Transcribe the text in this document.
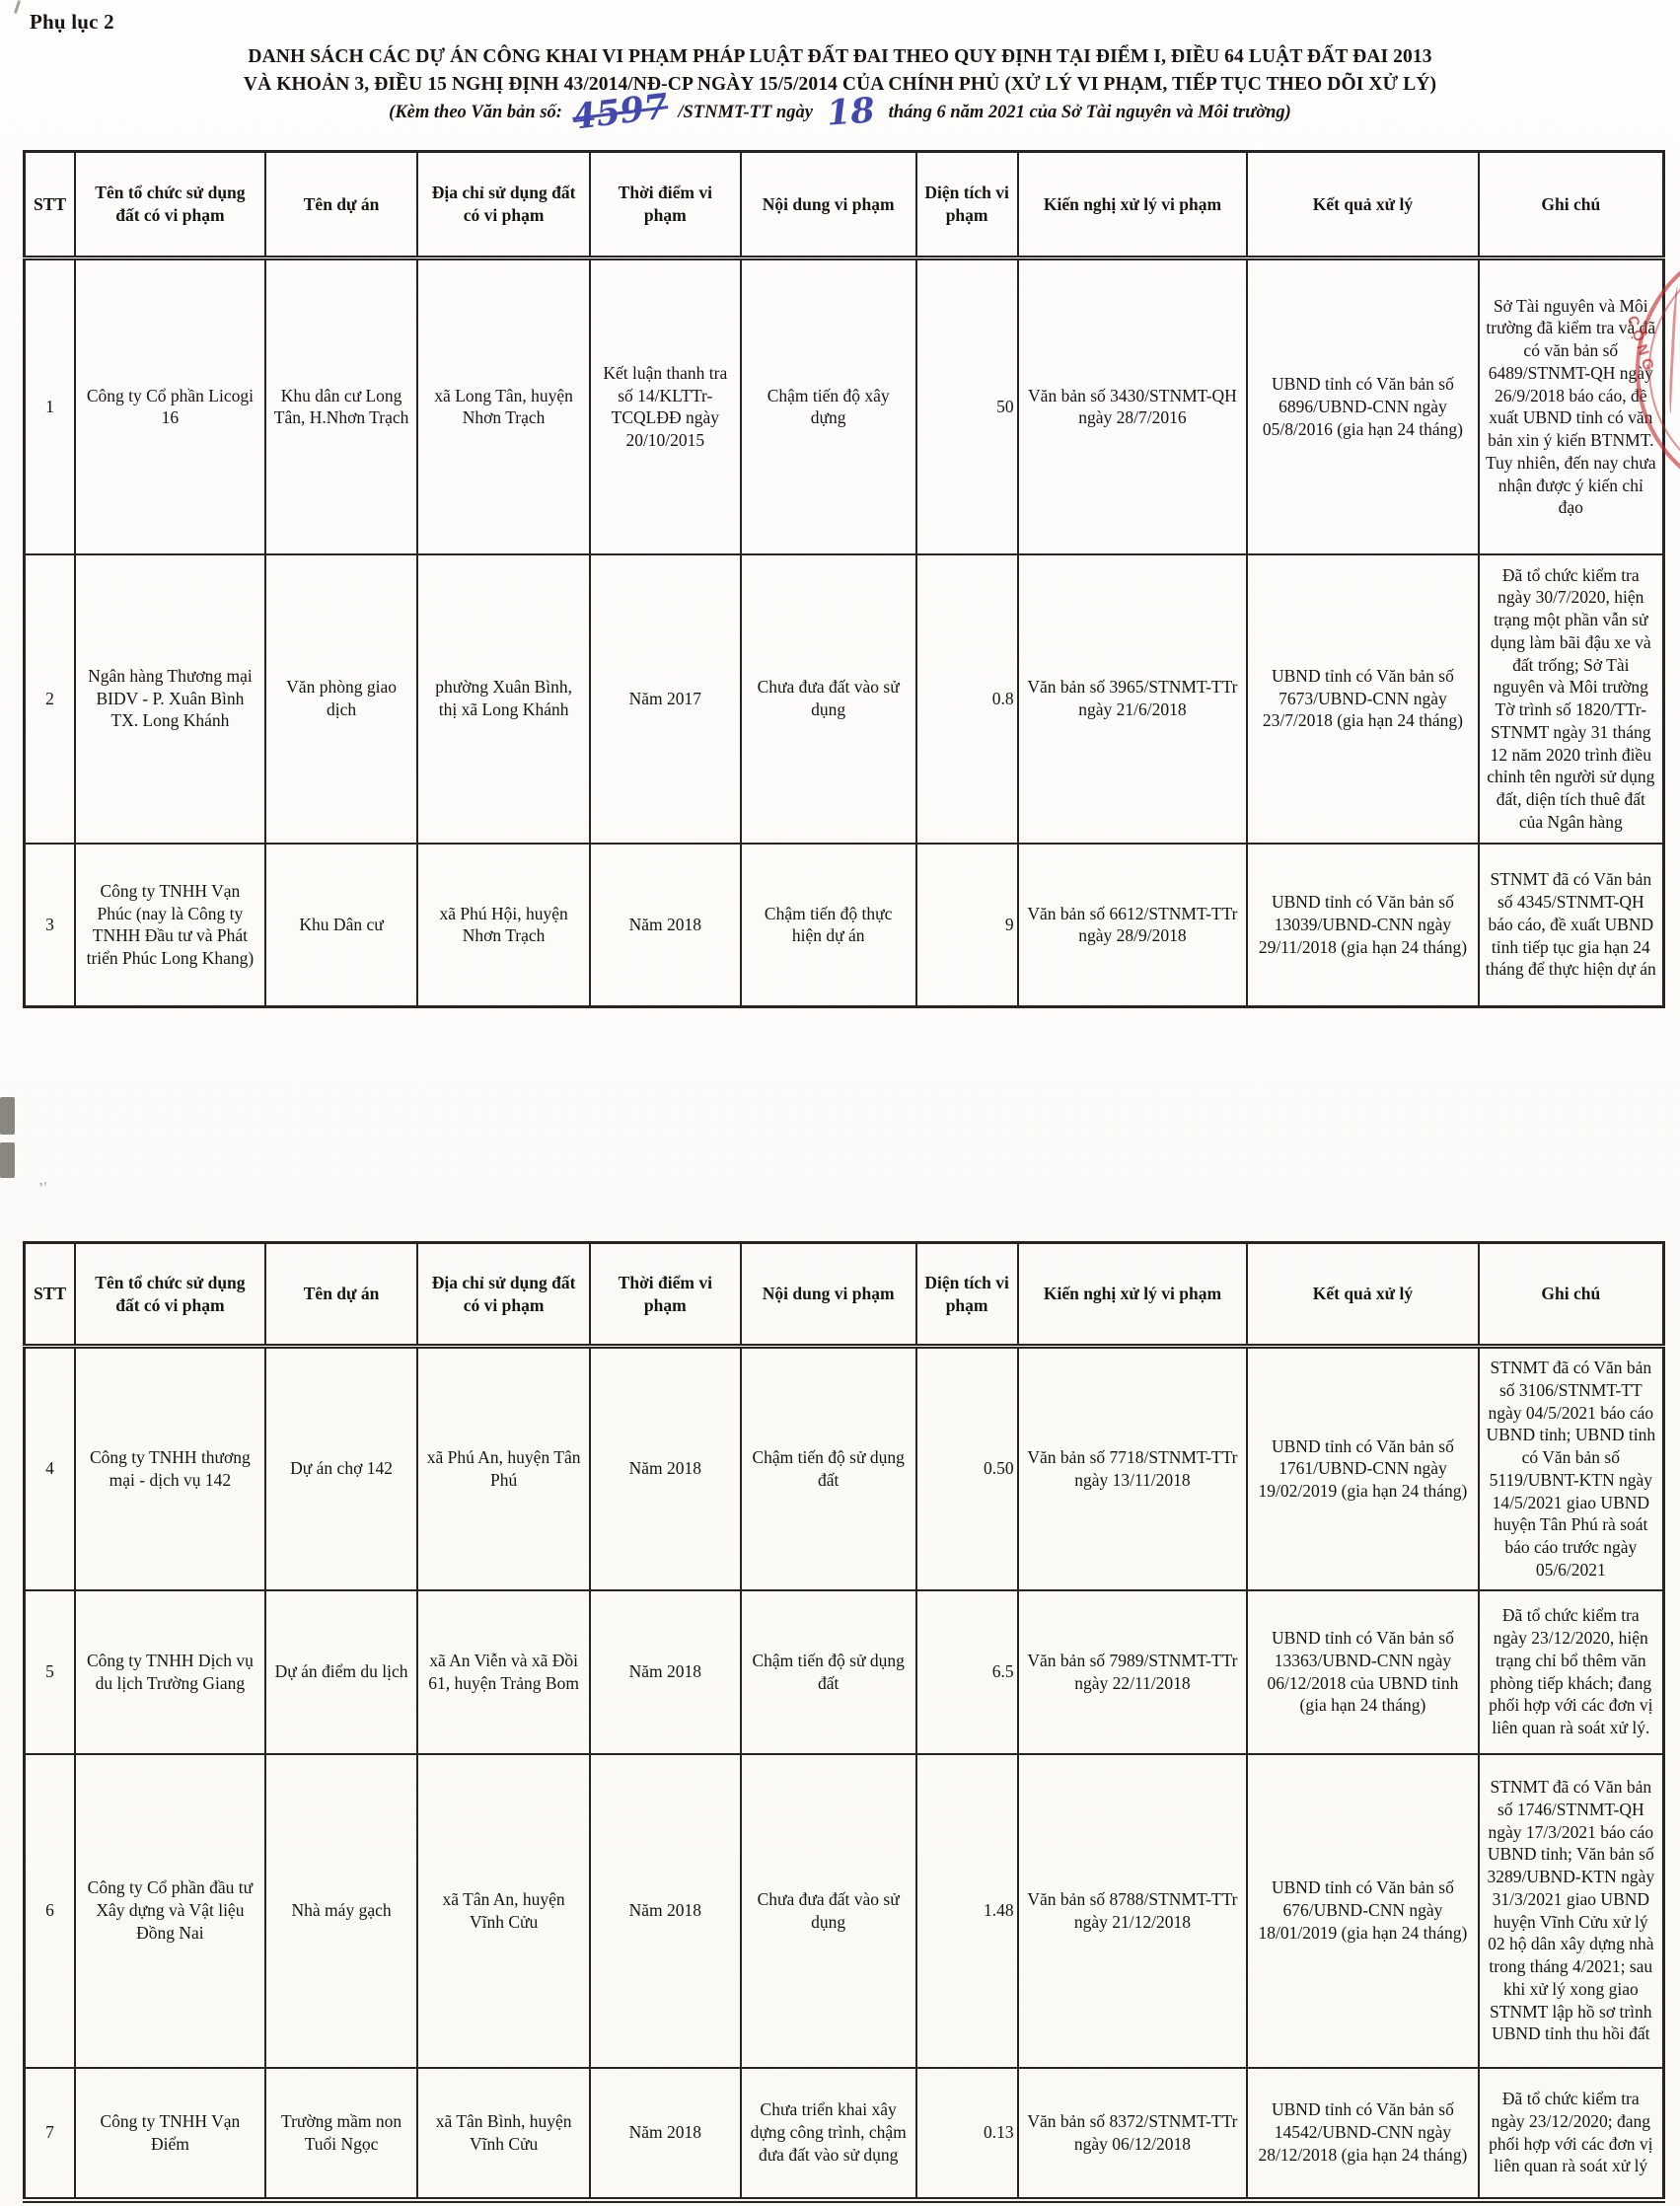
Phụ lục 2
DANH SÁCH CÁC DỰ ÁN CÔNG KHAI VI PHẠM PHÁP LUẬT ĐẤT ĐAI THEO QUY ĐỊNH TẠI ĐIỂM I, ĐIỀU 64 LUẬT ĐẤT ĐAI 2013
VÀ KHOẢN 3, ĐIỀU 15 NGHỊ ĐỊNH 43/2014/NĐ-CP NGÀY 15/5/2014 CỦA CHÍNH PHỦ (XỬ LÝ VI PHẠM, TIẾP TỤC THEO DÕI XỬ LÝ)
(Kèm theo Văn bản số: 4597 /STNMT-TT ngày 18 tháng 6 năm 2021 của Sở Tài nguyên và Môi trường)
STT	Tên tổ chức sử dụng đất có vi phạm	Tên dự án	Địa chỉ sử dụng đất có vi phạm	Thời điểm vi phạm	Nội dung vi phạm	Diện tích vi phạm	Kiến nghị xử lý vi phạm	Kết quả xử lý	Ghi chú
1	Công ty Cổ phần Licogi 16	Khu dân cư Long Tân, H.Nhơn Trạch	xã Long Tân, huyện Nhơn Trạch	Kết luận thanh tra số 14/KLTTr-TCQLĐĐ ngày 20/10/2015	Chậm tiến độ xây dựng	50	Văn bản số 3430/STNMT-QH ngày 28/7/2016	UBND tỉnh có Văn bản số 6896/UBND-CNN ngày 05/8/2016 (gia hạn 24 tháng)	Sở Tài nguyên và Môi trường đã kiểm tra và đã có văn bản số 6489/STNMT-QH ngày 26/9/2018 báo cáo, đề xuất UBND tỉnh có văn bản xin ý kiến BTNMT. Tuy nhiên, đến nay chưa nhận được ý kiến chỉ đạo
2	Ngân hàng Thương mại BIDV - P. Xuân Bình TX. Long Khánh	Văn phòng giao dịch	phường Xuân Bình, thị xã Long Khánh	Năm 2017	Chưa đưa đất vào sử dụng	0.8	Văn bản số 3965/STNMT-TTr ngày 21/6/2018	UBND tỉnh có Văn bản số 7673/UBND-CNN ngày 23/7/2018 (gia hạn 24 tháng)	Đã tổ chức kiểm tra ngày 30/7/2020, hiện trạng một phần vẫn sử dụng làm bãi đậu xe và đất trống; Sở Tài nguyên và Môi trường Tờ trình số 1820/TTr-STNMT ngày 31 tháng 12 năm 2020 trình điều chỉnh tên người sử dụng đất, diện tích thuê đất của Ngân hàng
3	Công ty TNHH Vạn Phúc (nay là Công ty TNHH Đầu tư và Phát triển Phúc Long Khang)	Khu Dân cư	xã Phú Hội, huyện Nhơn Trạch	Năm 2018	Chậm tiến độ thực hiện dự án	9	Văn bản số 6612/STNMT-TTr ngày 28/9/2018	UBND tỉnh có Văn bản số 13039/UBND-CNN ngày 29/11/2018 (gia hạn 24 tháng)	STNMT đã có Văn bản số 4345/STNMT-QH báo cáo, đề xuất UBND tỉnh tiếp tục gia hạn 24 tháng để thực hiện dự án
’′
STT	Tên tổ chức sử dụng đất có vi phạm	Tên dự án	Địa chỉ sử dụng đất có vi phạm	Thời điểm vi phạm	Nội dung vi phạm	Diện tích vi phạm	Kiến nghị xử lý vi phạm	Kết quả xử lý	Ghi chú
4	Công ty TNHH thương mại - dịch vụ 142	Dự án chợ 142	xã Phú An, huyện Tân Phú	Năm 2018	Chậm tiến độ sử dụng đất	0.50	Văn bản số 7718/STNMT-TTr ngày 13/11/2018	UBND tỉnh có Văn bản số 1761/UBND-CNN ngày 19/02/2019 (gia hạn 24 tháng)	STNMT đã có Văn bản số 3106/STNMT-TT ngày 04/5/2021 báo cáo UBND tỉnh; UBND tỉnh có Văn bản số 5119/UBNT-KTN ngày 14/5/2021 giao UBND huyện Tân Phú rà soát báo cáo trước ngày 05/6/2021
5	Công ty TNHH Dịch vụ du lịch Trường Giang	Dự án điểm du lịch	xã An Viễn và xã Đồi 61, huyện Trảng Bom	Năm 2018	Chậm tiến độ sử dụng đất	6.5	Văn bản số 7989/STNMT-TTr ngày 22/11/2018	UBND tỉnh có Văn bản số 13363/UBND-CNN ngày 06/12/2018 của UBND tỉnh (gia hạn 24 tháng)	Đã tổ chức kiểm tra ngày 23/12/2020, hiện trạng chỉ bổ thêm văn phòng tiếp khách; đang phối hợp với các đơn vị liên quan rà soát xử lý.
6	Công ty Cổ phần đầu tư Xây dựng và Vật liệu Đồng Nai	Nhà máy gạch	xã Tân An, huyện Vĩnh Cửu	Năm 2018	Chưa đưa đất vào sử dụng	1.48	Văn bản số 8788/STNMT-TTr ngày 21/12/2018	UBND tỉnh có Văn bản số 676/UBND-CNN ngày 18/01/2019 (gia hạn 24 tháng)	STNMT đã có Văn bản số 1746/STNMT-QH ngày 17/3/2021 báo cáo UBND tỉnh; Văn bản số 3289/UBND-KTN ngày 31/3/2021 giao UBND huyện Vĩnh Cửu xử lý 02 hộ dân xây dựng nhà trong tháng 4/2021; sau khi xử lý xong giao STNMT lập hồ sơ trình UBND tỉnh thu hồi đất
7	Công ty TNHH Vạn Điểm	Trường mầm non Tuổi Ngọc	xã Tân Bình, huyện Vĩnh Cửu	Năm 2018	Chưa triển khai xây dựng công trình, chậm đưa đất vào sử dụng	0.13	Văn bản số 8372/STNMT-TTr ngày 06/12/2018	UBND tỉnh có Văn bản số 14542/UBND-CNN ngày 28/12/2018 (gia hạn 24 tháng)	Đã tổ chức kiểm tra ngày 23/12/2020; đang phối hợp với các đơn vị liên quan rà soát xử lý
CỘNG
